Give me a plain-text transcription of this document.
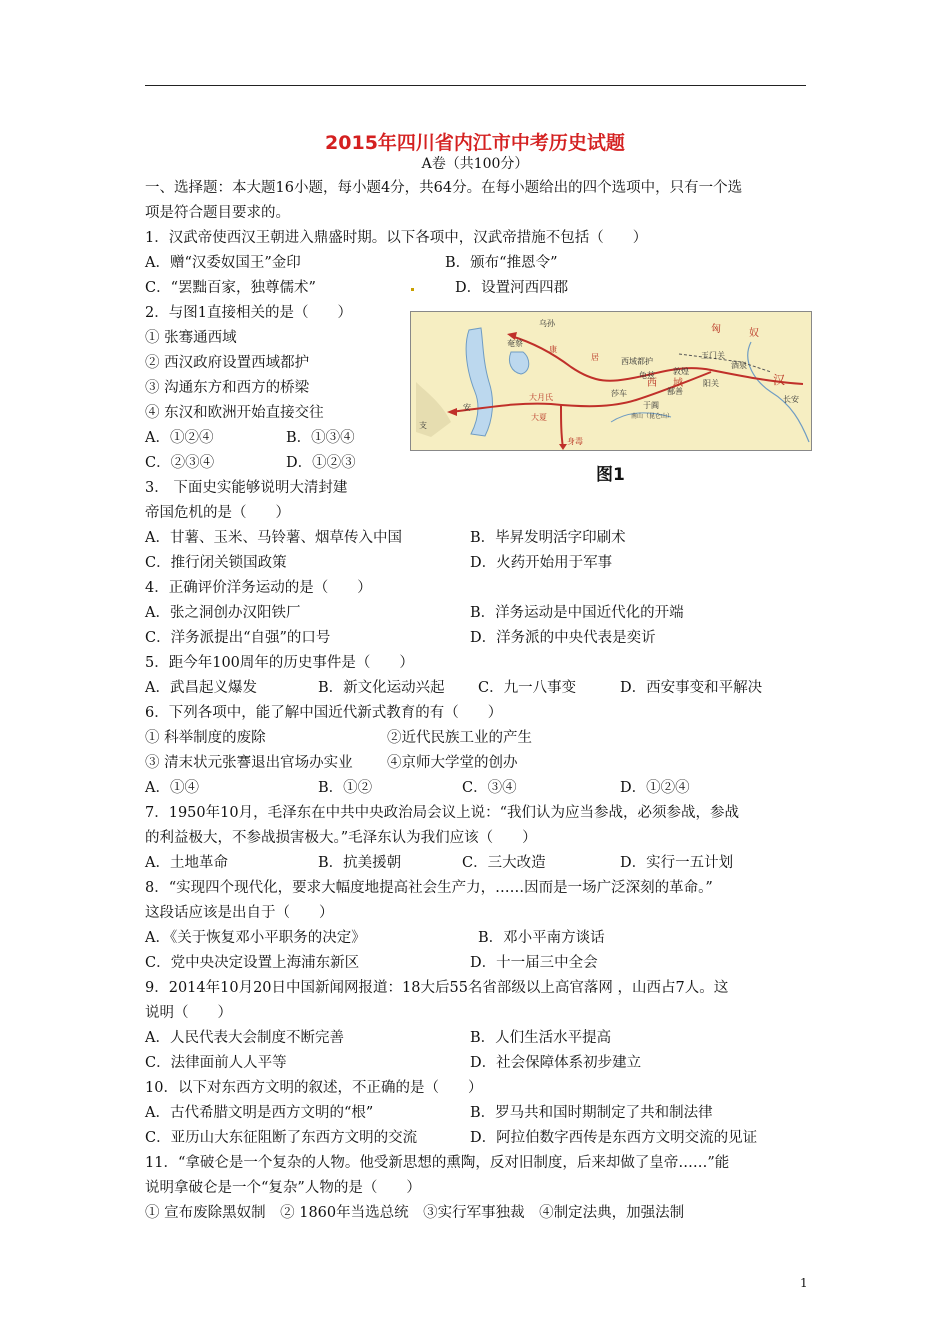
2015年四川省内江市中考历史试题
A卷（共100分）
一、选择题：本大题16小题，每小题4分，共64分。在每小题给出的四个选项中，只有一个选
项是符合题目要求的。
1．汉武帝使西汉王朝进入鼎盛时期。以下各项中，汉武帝措施不包括（　　）
A．赠“汉委奴国王”金印	B．颁布“推恩令”
C．“罢黜百家，独尊儒术”	D．设置河西四郡
2．与图1直接相关的是（　　）
① 张骞通西域
② 西汉政府设置西域都护
③ 沟通东方和西方的桥梁
④ 东汉和欧洲开始直接交往
A．①②④	B．①③④
C．②③④	D．①②③
匈	奴
汉
长安
西域都护
玉门关
阳关
酒泉
敦煌
康
居
大月氏
大夏
安
支
身毒
龟兹
莎车
于阗
鄯善
乌孙
奄蔡
西 域
南山（昆仑山）
图1
3． 下面史实能够说明大清封建
帝国危机的是（　　）
A．甘薯、玉米、马铃薯、烟草传入中国	B．毕昇发明活字印刷术
C．推行闭关锁国政策	D．火药开始用于军事
4．正确评价洋务运动的是（　　）
A．张之洞创办汉阳铁厂	B．洋务运动是中国近代化的开端
C．洋务派提出“自强”的口号	D．洋务派的中央代表是奕䜣
5．距今年100周年的历史事件是（　　）
A．武昌起义爆发	B．新文化运动兴起 C．九一八事变	D．西安事变和平解决
6．下列各项中，能了解中国近代新式教育的有（　　）
① 科举制度的废除	②近代民族工业的产生
③ 清末状元张謇退出官场办实业 ④京师大学堂的创办
A．①④	B．①②	C．③④	D．①②④
7．1950年10月，毛泽东在中共中央政治局会议上说：“我们认为应当参战，必须参战，参战
的利益极大，不参战损害极大。”毛泽东认为我们应该（　　）
A．土地革命	B．抗美援朝	C．三大改造	D．实行一五计划
8．“实现四个现代化，要求大幅度地提高社会生产力，……因而是一场广泛深刻的革命。”
这段话应该是出自于（　　）
A．《关于恢复邓小平职务的决定》	B．邓小平南方谈话
C．党中央决定设置上海浦东新区	D．十一届三中全会
9．2014年10月20日中国新闻网报道：18大后55名省部级以上高官落网 ，山西占7人。这
说明（　　）
A．人民代表大会制度不断完善	B．人们生活水平提高
C．法律面前人人平等	D．社会保障体系初步建立
10．以下对东西方文明的叙述，不正确的是（　　）
A．古代希腊文明是西方文明的“根”	B．罗马共和国时期制定了共和制法律
C．亚历山大东征阻断了东西方文明的交流	D．阿拉伯数字西传是东西方文明交流的见证
11．“拿破仑是一个复杂的人物。他受新思想的熏陶，反对旧制度，后来却做了皇帝……”能
说明拿破仑是一个“复杂”人物的是（　　）
① 宣布废除黑奴制　② 1860年当选总统　③实行军事独裁　④制定法典，加强法制
1
